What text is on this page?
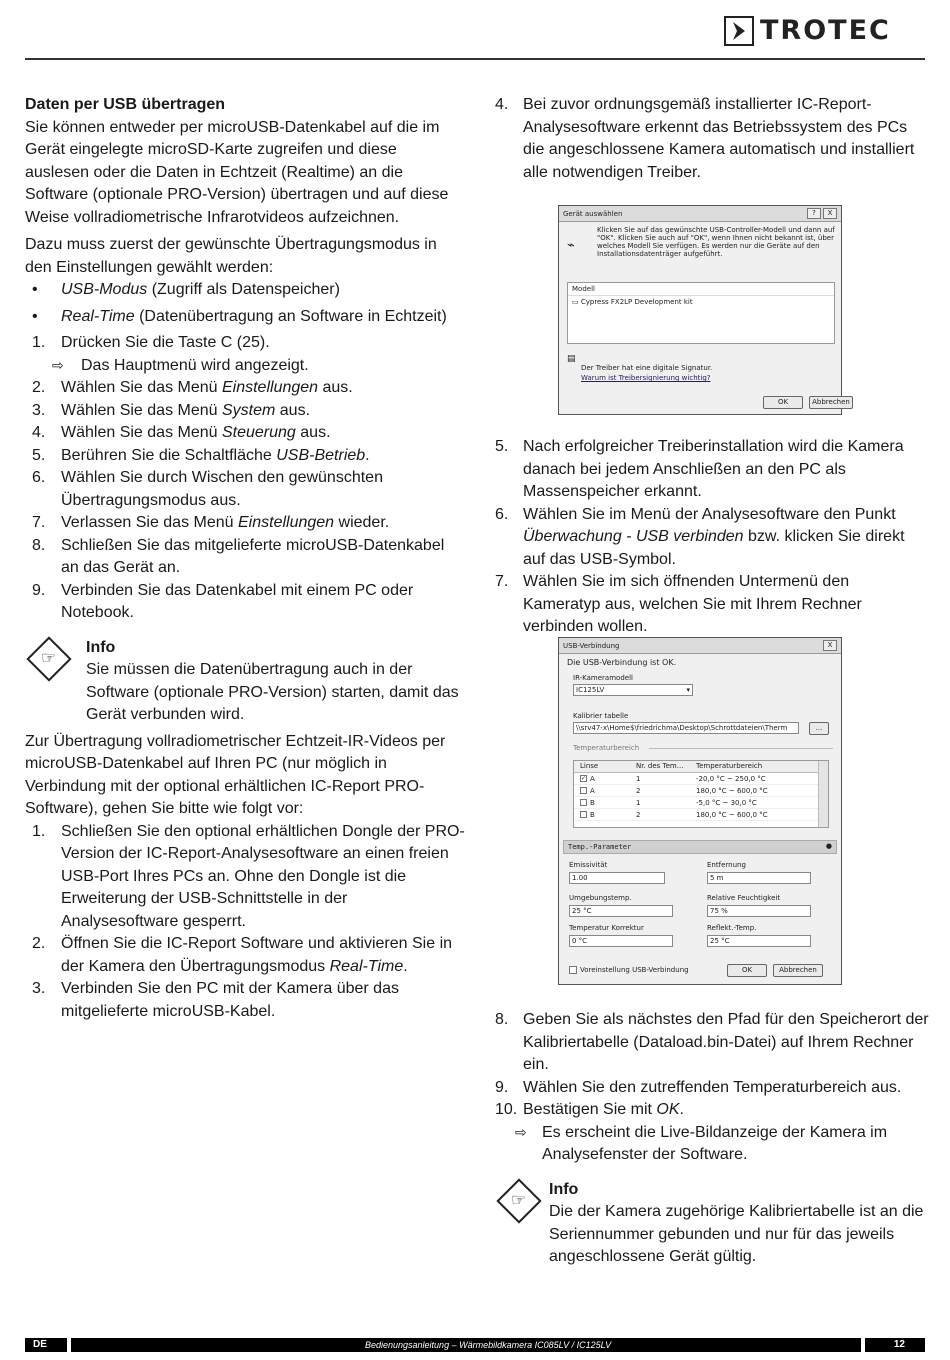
TROTEC
Daten per USB übertragen
Sie können entweder per microUSB-Datenkabel auf die im Gerät eingelegte microSD-Karte zugreifen und diese auslesen oder die Daten in Echtzeit (Realtime) an die Software (optionale PRO-Version) übertragen und auf diese Weise vollradiometrische Infrarotvideos aufzeichnen.
Dazu muss zuerst der gewünschte Übertragungsmodus in den Einstellungen gewählt werden:
• USB-Modus (Zugriff als Datenspeicher)
• Real-Time (Datenübertragung an Software in Echtzeit)
1. Drücken Sie die Taste C (25).
⇨ Das Hauptmenü wird angezeigt.
2. Wählen Sie das Menü Einstellungen aus.
3. Wählen Sie das Menü System aus.
4. Wählen Sie das Menü Steuerung aus.
5. Berühren Sie die Schaltfläche USB-Betrieb.
6. Wählen Sie durch Wischen den gewünschten Übertragungsmodus aus.
7. Verlassen Sie das Menü Einstellungen wieder.
8. Schließen Sie das mitgelieferte microUSB-Datenkabel an das Gerät an.
9. Verbinden Sie das Datenkabel mit einem PC oder Notebook.
☞
Info
Sie müssen die Datenübertragung auch in der Software (optionale PRO-Version) starten, damit das Gerät verbunden wird.
Zur Übertragung vollradiometrischer Echtzeit-IR-Videos per microUSB-Datenkabel auf Ihren PC (nur möglich in Verbindung mit der optional erhältlichen IC-Report PRO-Software), gehen Sie bitte wie folgt vor:
1. Schließen Sie den optional erhältlichen Dongle der PRO-Version der IC-Report-Analysesoftware an einen freien USB-Port Ihres PCs an. Ohne den Dongle ist die Erweiterung der USB-Schnittstelle in der Analysesoftware gesperrt.
2. Öffnen Sie die IC-Report Software und aktivieren Sie in der Kamera den Übertragungsmodus Real-Time.
3. Verbinden Sie den PC mit der Kamera über das mitgelieferte microUSB-Kabel.
4. Bei zuvor ordnungsgemäß installierter IC-Report-Analysesoftware erkennt das Betriebssystem des PCs die angeschlossene Kamera automatisch und installiert alle notwendigen Treiber.
Gerät auswählen	?	X
⌁
Klicken Sie auf das gewünschte USB-Controller-Modell und dann auf "OK". Klicken Sie auch auf "OK", wenn Ihnen nicht bekannt ist, über welches Modell Sie verfügen. Es werden nur die Geräte auf den Installationsdatenträger aufgeführt.
Modell
▭ Cypress FX2LP Development kit
▤
Der Treiber hat eine digitale Signatur.
Warum ist Treibersignierung wichtig?
OK	Abbrechen
5. Nach erfolgreicher Treiberinstallation wird die Kamera danach bei jedem Anschließen an den PC als Massenspeicher erkannt.
6. Wählen Sie im Menü der Analysesoftware den Punkt Überwachung - USB verbinden bzw. klicken Sie direkt auf das USB-Symbol.
7. Wählen Sie im sich öffnenden Untermenü den Kameratyp aus, welchen Sie mit Ihrem Rechner verbinden wollen.
USB-Verbindung	X
Die USB-Verbindung ist OK.
IR-Kameramodell
IC125LV	▾
Kalibrier tabelle
\\srv47-x\Home$\friedrichma\Desktop\Schrottdateien\Therm	...
Temperaturbereich
Linse	Nr. des Tem...	Temperaturbereich
✓ A	1	-20,0 °C ~ 250,0 °C
A	2	180,0 °C ~ 600,0 °C
B	1	-5,0 °C ~ 30,0 °C
B	2	180,0 °C ~ 600,0 °C
Temp.-Parameter	●
Emissivität
1.00
Entfernung
5 m
Umgebungstemp.
25 °C
Relative Feuchtigkeit
75 %
Temperatur Korrektur
0 °C
Reflekt.-Temp.
25 °C
Voreinstellung USB-Verbindung	OK	Abbrechen
8. Geben Sie als nächstes den Pfad für den Speicherort der Kalibriertabelle (Dataload.bin-Datei) auf Ihrem Rechner ein.
9. Wählen Sie den zutreffenden Temperaturbereich aus.
10. Bestätigen Sie mit OK.
⇨ Es erscheint die Live-Bildanzeige der Kamera im Analysefenster der Software.
☞
Info
Die der Kamera zugehörige Kalibriertabelle ist an die Seriennummer gebunden und nur für das jeweils angeschlossene Gerät gültig.
DE	Bedienungsanleitung – Wärmebildkamera IC085LV / IC125LV	12
